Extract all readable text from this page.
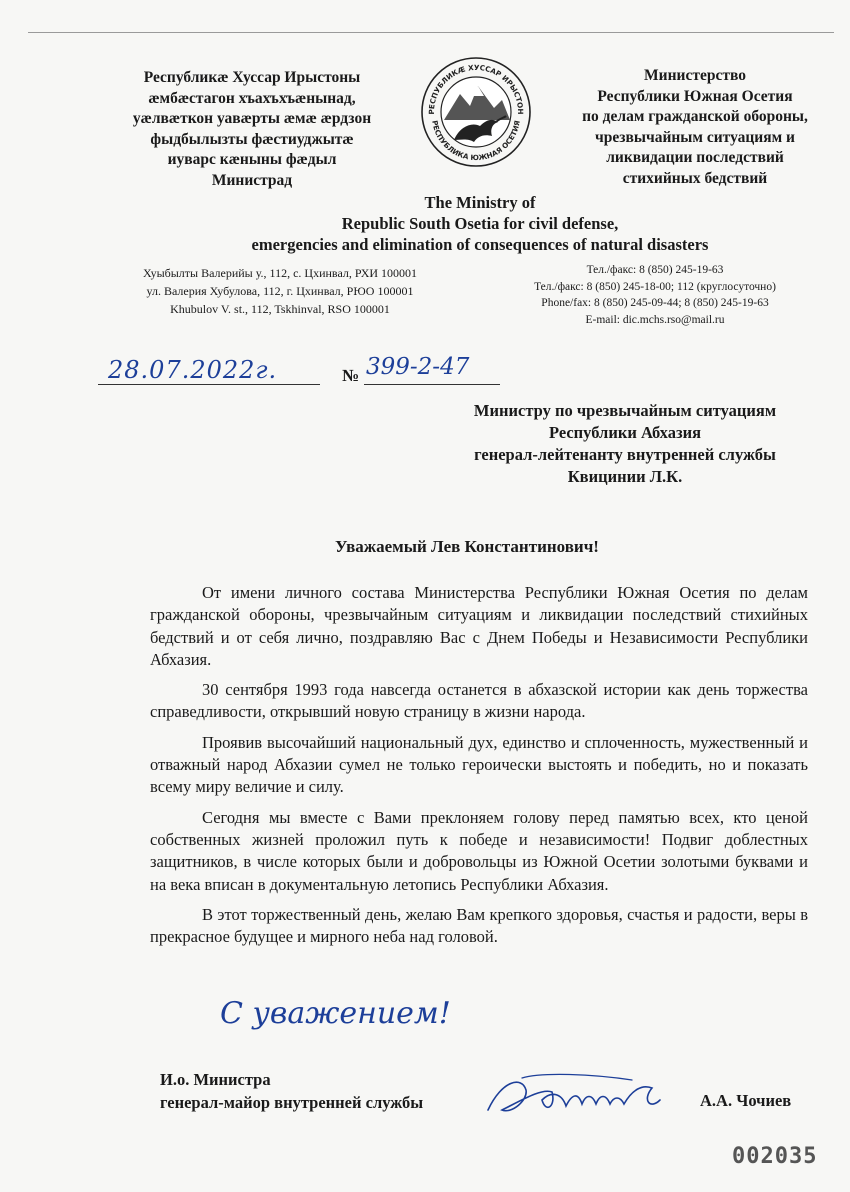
Республикæ Хуссар Ирыстоны
æмбæстагон хъахъхъæнынад,
уæлвæткон уавæрты æмæ æрдзон
фыдбылызты фæстиуджытæ
иуварс кæныны фæдыл
Министрад
РЕСПУБЛИКÆ ХУССАР ИРЫСТОН
РЕСПУБЛИКА ЮЖНАЯ ОСЕТИЯ
Министерство
Республики Южная Осетия
по делам гражданской обороны,
чрезвычайным ситуациям и
ликвидации последствий
стихийных бедствий
The Ministry of
Republic South Osetia for civil defense,
emergencies and elimination of consequences of natural disasters
Хуыбылты Валерийы у., 112, с. Цхинвал, РХИ 100001
ул. Валерия Хубулова, 112, г. Цхинвал, РЮО 100001
Khubulov V. st., 112, Tskhinval, RSO 100001
Тел./факс: 8 (850) 245-19-63
Тел./факс: 8 (850) 245-18-00; 112 (круглосуточно)
Phone/fax: 8 (850) 245-09-44; 8 (850) 245-19-63
E-mail: dic.mchs.rso@mail.ru
28.07.2022г.	№ 399-2-47
Министру по чрезвычайным ситуациям
Республики Абхазия
генерал-лейтенанту внутренней службы
Квицинии Л.К.
Уважаемый Лев Константинович!

От имени личного состава Министерства Республики Южная Осетия по делам гражданской обороны, чрезвычайным ситуациям и ликвидации последствий стихийных бедствий и от себя лично, поздравляю Вас с Днем Победы и Независимости Республики Абхазия.

30 сентября 1993 года навсегда останется в абхазской истории как день торжества справедливости, открывший новую страницу в жизни народа.

Проявив высочайший национальный дух, единство и сплоченность, мужественный и отважный народ Абхазии сумел не только героически выстоять и победить, но и показать всему миру величие и силу.

Сегодня мы вместе с Вами преклоняем голову перед памятью всех, кто ценой собственных жизней проложил путь к победе и независимости! Подвиг доблестных защитников, в числе которых были и добровольцы из Южной Осетии золотыми буквами и на века вписан в документальную летопись Республики Абхазия.

В этот торжественный день, желаю Вам крепкого здоровья, счастья и радости, веры в прекрасное будущее и мирного неба над головой.

С уважением!
И.о. Министра
генерал-майор внутренней службы	А.А. Чочиев
002035
